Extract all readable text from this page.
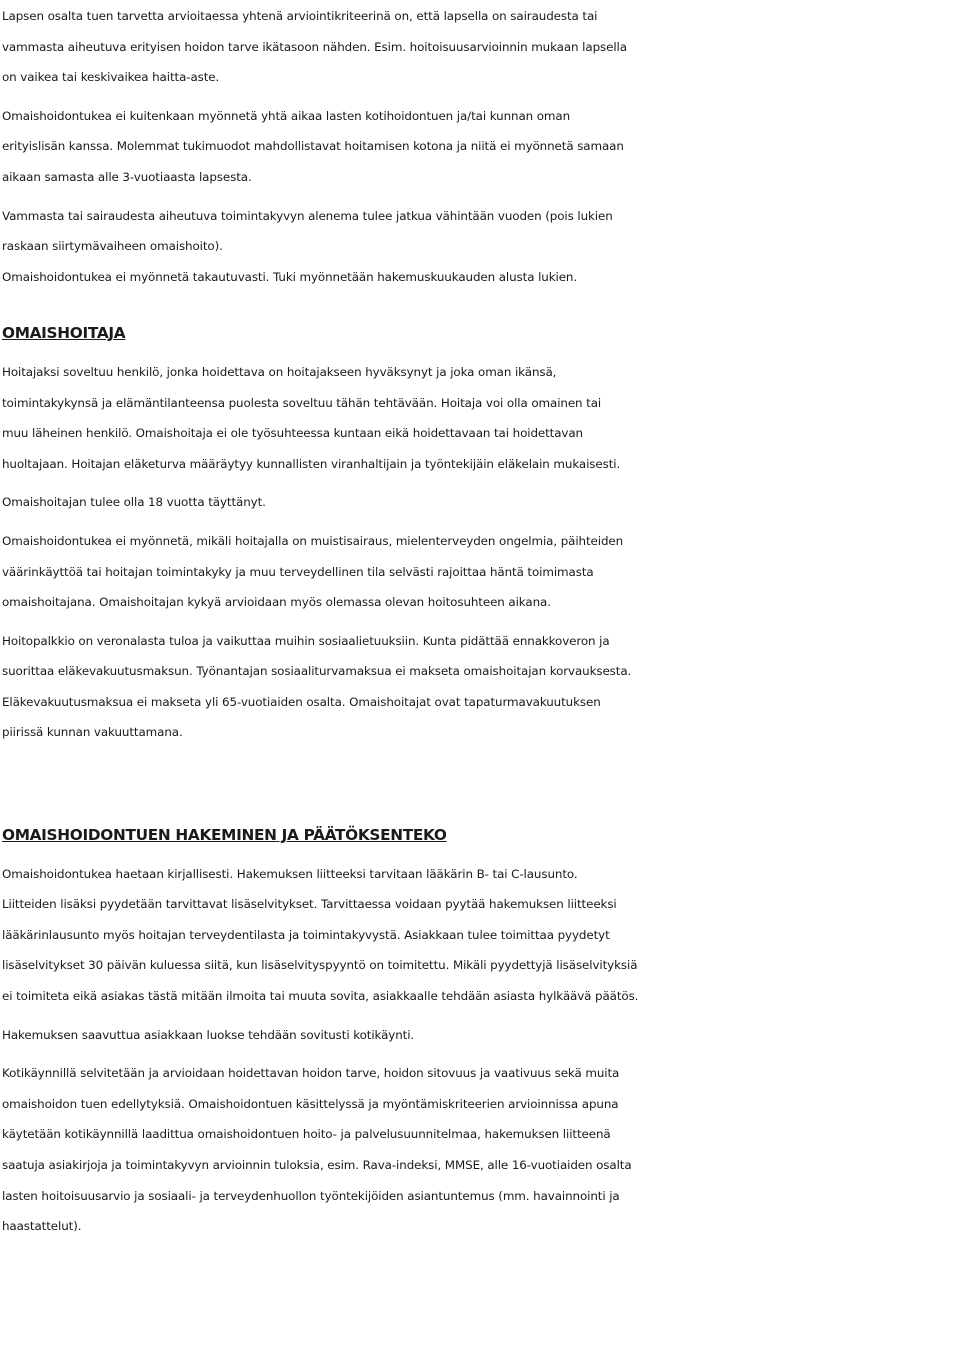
Lapsen osalta tuen tarvetta arvioitaessa yhtenä arviointikriteerinä on, että lapsella on sairaudesta tai
vammasta aiheutuva erityisen hoidon tarve ikätasoon nähden. Esim. hoitoisuusarvioinnin mukaan lapsella
on vaikea tai keskivaikea haitta-aste.

Omaishoidontukea ei kuitenkaan myönnetä yhtä aikaa lasten kotihoidontuen ja/tai kunnan oman
erityislisän kanssa. Molemmat tukimuodot mahdollistavat hoitamisen kotona ja niitä ei myönnetä samaan
aikaan samasta alle 3-vuotiaasta lapsesta.

Vammasta tai sairaudesta aiheutuva toimintakyvyn alenema tulee jatkua vähintään vuoden (pois lukien
raskaan siirtymävaiheen omaishoito).
Omaishoidontukea ei myönnetä takautuvasti. Tuki myönnetään hakemuskuukauden alusta lukien.

OMAISHOITAJA

Hoitajaksi soveltuu henkilö, jonka hoidettava on hoitajakseen hyväksynyt ja joka oman ikänsä,
toimintakykynsä ja elämäntilanteensa puolesta soveltuu tähän tehtävään. Hoitaja voi olla omainen tai
muu läheinen henkilö. Omaishoitaja ei ole työsuhteessa kuntaan eikä hoidettavaan tai hoidettavan
huoltajaan. Hoitajan eläketurva määräytyy kunnallisten viranhaltijain ja työntekijäin eläkelain mukaisesti.

Omaishoitajan tulee olla 18 vuotta täyttänyt.

Omaishoidontukea ei myönnetä, mikäli hoitajalla on muistisairaus, mielenterveyden ongelmia, päihteiden
väärinkäyttöä tai hoitajan toimintakyky ja muu terveydellinen tila selvästi rajoittaa häntä toimimasta
omaishoitajana. Omaishoitajan kykyä arvioidaan myös olemassa olevan hoitosuhteen aikana.

Hoitopalkkio on veronalasta tuloa ja vaikuttaa muihin sosiaalietuuksiin. Kunta pidättää ennakkoveron ja
suorittaa eläkevakuutusmaksun. Työnantajan sosiaaliturvamaksua ei makseta omaishoitajan korvauksesta.
Eläkevakuutusmaksua ei makseta yli 65-vuotiaiden osalta. Omaishoitajat ovat tapaturmavakuutuksen
piirissä kunnan vakuuttamana.

OMAISHOIDONTUEN HAKEMINEN JA PÄÄTÖKSENTEKO

Omaishoidontukea haetaan kirjallisesti. Hakemuksen liitteeksi tarvitaan lääkärin B- tai C-lausunto.
Liitteiden lisäksi pyydetään tarvittavat lisäselvitykset. Tarvittaessa voidaan pyytää hakemuksen liitteeksi
lääkärinlausunto myös hoitajan terveydentilasta ja toimintakyvystä. Asiakkaan tulee toimittaa pyydetyt
lisäselvitykset 30 päivän kuluessa siitä, kun lisäselvityspyyntö on toimitettu. Mikäli pyydettyjä lisäselvityksiä
ei toimiteta eikä asiakas tästä mitään ilmoita tai muuta sovita, asiakkaalle tehdään asiasta hylkäävä päätös.

Hakemuksen saavuttua asiakkaan luokse tehdään sovitusti kotikäynti.

Kotikäynnillä selvitetään ja arvioidaan hoidettavan hoidon tarve, hoidon sitovuus ja vaativuus sekä muita
omaishoidon tuen edellytyksiä. Omaishoidontuen käsittelyssä ja myöntämiskriteerien arvioinnissa apuna
käytetään kotikäynnillä laadittua omaishoidontuen hoito- ja palvelusuunnitelmaa, hakemuksen liitteenä
saatuja asiakirjoja ja toimintakyvyn arvioinnin tuloksia, esim. Rava-indeksi, MMSE, alle 16-vuotiaiden osalta
lasten hoitoisuusarvio ja sosiaali- ja terveydenhuollon työntekijöiden asiantuntemus (mm. havainnointi ja
haastattelut).
